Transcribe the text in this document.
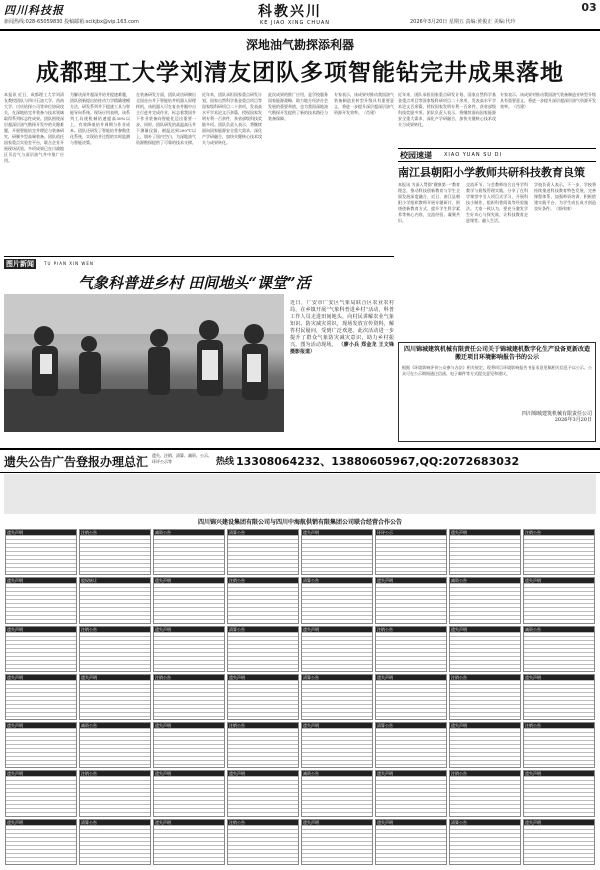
四川科技报
新闻热线:028-65059830 投稿邮箱:scikjbx@vip.163.com
科教兴川
KE JIAO XING CHUAN	2026年3月20日 星期五 责编:黄俊正 美编:代玲
03
深地油气勘探添利器
成都理工大学刘清友团队多项智能钻完井成果落地
本报讯 近日，成都理工大学刘清友教授团队与四川石油大学、西南大学、川庆钻探公司等单位协同攻关，在深地钻完井装备与技术领域取得系列标志性成果。团队围绕深层超深层油气勘探开发中的关键难题，开展智能钻完井理论与装备研究，研制多型高端装备。团队依托国家重点实验室平台，联合企业开展现场试验，多项成果已在川渝地区页岩气与深层油气井中推广应用。
为解决深井超深井钻井提速难题，团队创新提出钻柱动力学精确建模方法，研发系列井下提速工具与智能导向系统。现场应用表明，该系列工具使机械钻速提高30%以上，有效降低钻井周期与作业成本。团队还研发了智能钻井参数优化系统，实现钻井过程的实时监测与智能决策。
在装备研发方面，团队成功研制出全国首台井下智能钻井机器人原理样机，该机器人可在复杂井眼中自主行进并完成作业，标志着我国井下作业装备向智能化迈出重要一步。同时，团队研发的高温高压井下测量仪器，耐温达到200℃以上，填补了国内空白，为深地油气资源勘探提供了可靠的技术支撑。
近年来，团队承担国家重点研发计划、国家自然科学基金重点项目等国家级科研项目二十余项，发表高水平学术论文百余篇，授权国家发明专利一百余件，获省部级科技奖励多项。团队负责人表示，将继续面向国家能源安全重大需求，深化产学研融合，加快关键核心技术攻关与成果转化。
此次成果的推广应用，是学校服务国家能源战略、助力地方经济社会发展的重要举措，也为我国深地油气勘探开发提供了新的技术路径与装备保障。
专家表示，该成果对推动我国油气装备制造业转型升级具有重要意义，将进一步提升深层超深层油气资源开发效率。（肖建）
近年来，团队承担国家重点研发计划、国家自然科学基金重点项目等国家级科研项目二十余项，发表高水平学术论文百余篇，授权国家发明专利一百余件，获省部级科技奖励多项。团队负责人表示，将继续面向国家能源安全重大需求，深化产学研融合，加快关键核心技术攻关与成果转化。
专家表示，该成果对推动我国油气装备制造业转型升级具有重要意义，将进一步提升深层超深层油气资源开发效率。（肖建）
校园速递 XIAO YUAN SU DI
南江县朝阳小学教师共研科技教育良策
本报讯 为深入贯彻“健康第一”教育理念，推动科技创新教育与学生全面发展深度融合，近日，南江县朝阳小学组织教师开展专题研讨，围绕创新教育方式、提升学生科学素养等核心内容，交流经验、凝聚共识。
交流环节，与会教师结合自身学科教学与班级管理实践，分享了在科学课堂中引入项目式学习、开展科技小制作、组织科普阅读等经验做法。大家一致认为，要充分激发学生好奇心与探究欲，让科技教育走进课堂、融入生活。
学校负责人表示，下一步，学校将持续推进科技教育特色发展，完善课程体系，加强师资培训，积极搭建实践平台，为学生成长成才创造良好条件。（郭伟康）
图片新闻	TU PIAN XIN WEN
气象科普进乡村 田间地头“课堂”活
近日，广安市广安区气象局联合区农业农村局，在乡镇开展“气象科普进乡村”活动，科普工作人员走进田间地头，向村民讲解农业气象知识、防灾减灾常识，现场发放宣传资料，解答村民疑问，受到广泛欢迎。此次活动进一步提升了群众气象防灾减灾意识，助力乡村振兴。图为活动现场。 （廖小兵 郑金龙 王文锋 摄影报道）	四川锦城建筑机械有限责任公司关于锦城建机数字化生产设备更新改造搬迁项目环境影响报告书的公示
根据《环境影响评价公众参与办法》相关规定，现将项目环境影响报告书征求意见稿相关信息予以公示，公众可在公示期间通过信函、电子邮件等方式提交意见和建议。
四川锦城建筑机械有限责任公司
2026年3月20日
遗失公告广告登报办理总汇 遗失、注销、清算、减资、公示、环评公示等	热线 13308064232、13880605967,QQ:2072683032
四川锦兴建设集团有限公司与四川中海航供销有限集团公司联合经营合作公告
遗失声明	注销公告	减资公告	清算公告	遗失声明	环评公示	遗失声明	注销公告
遗失声明	股权转让	遗失声明	注销公告	清算公告	遗失声明	减资公告	遗失声明
遗失声明	注销公告	遗失声明	清算公告	遗失声明	注销公告	遗失声明	减资公告
遗失声明	遗失声明	注销公告	遗失声明	清算公告	遗失声明	注销公告	遗失声明
遗失声明	减资公告	遗失声明	注销公告	遗失声明	清算公告	遗失声明	注销公告
遗失声明	注销公告	遗失声明	遗失声明	减资公告	遗失声明	注销公告	遗失声明
遗失声明	清算公告	遗失声明	注销公告	遗失声明	遗失声明	清算公告	遗失声明
